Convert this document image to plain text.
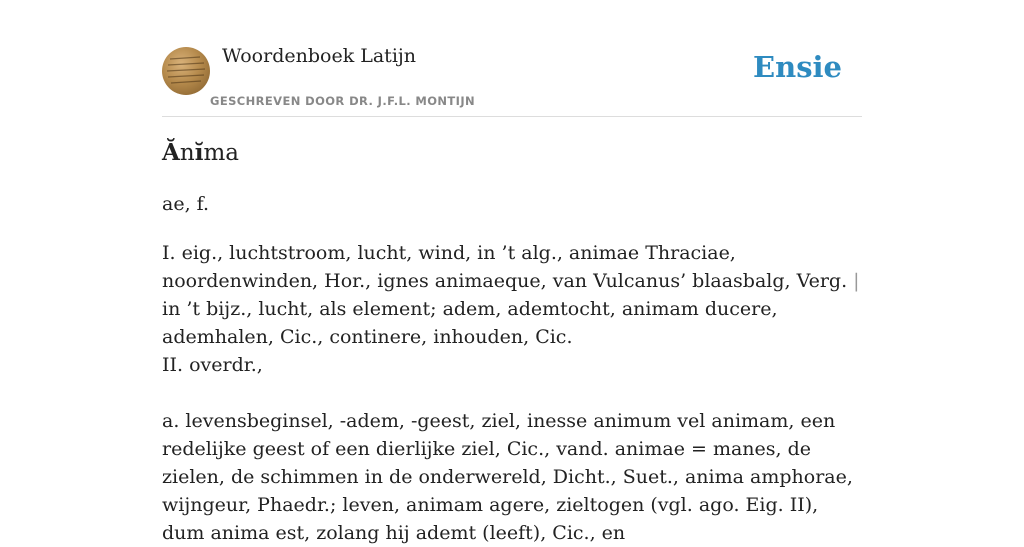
Woordenboek Latijn
GESCHREVEN DOOR DR. J.F.L. MONTIJN
Ensie
Ănĭma
ae, f.
I. eig., luchtstroom, lucht, wind, in ’t alg., animae Thraciae, noordenwinden, Hor., ignes animaeque, van Vulcanus’ blaasbalg, Verg. | in ’t bijz., lucht, als element; adem, ademtocht, animam ducere, ademhalen, Cic., continere, inhouden, Cic.
II. overdr.,
a. levensbeginsel, -adem, -geest, ziel, inesse animum vel animam, een redelijke geest of een dierlijke ziel, Cic., vand. animae = manes, de zielen, de schimmen in de onderwereld, Dicht., Suet., anima amphorae, wijngeur, Phaedr.; leven, animam agere, zieltogen (vgl. ago. Eig. II), dum anima est, zolang hij ademt (leeft), Cic., en
